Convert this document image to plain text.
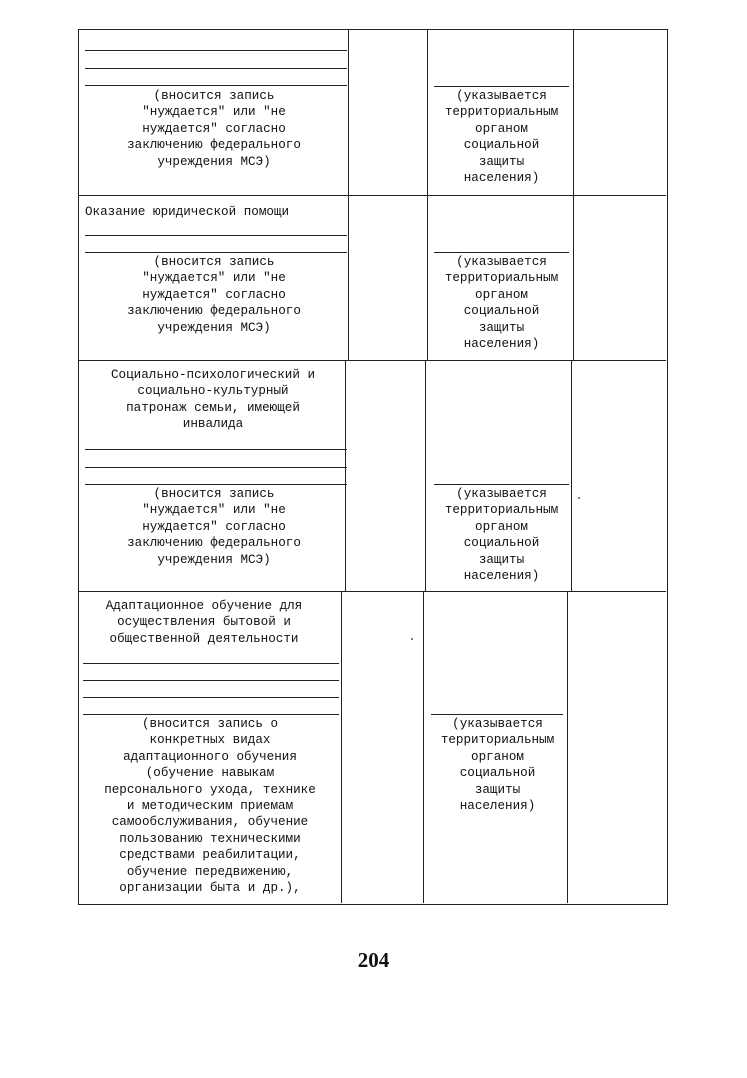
(вносится запись
"нуждается" или "не
нуждается" согласно
заключению федерального
учреждения МСЭ)
(указывается
территориальным
органом
социальной
защиты
населения)
Оказание юридической помощи
(вносится запись
"нуждается" или "не
нуждается" согласно
заключению федерального
учреждения МСЭ)
(указывается
территориальным
органом
социальной
защиты
населения)
Социально-психологический и
социально-культурный
патронаж семьи, имеющей
инвалида
(вносится запись
"нуждается" или "не
нуждается" согласно
заключению федерального
учреждения МСЭ)
(указывается
территориальным
органом
социальной
защиты
населения)
Адаптационное обучение для
осуществления бытовой и
общественной деятельности
(вносится запись о
конкретных видах
адаптационного обучения
(обучение навыкам
персонального ухода, технике
и методическим приемам
самообслуживания, обучение
пользованию техническими
средствами реабилитации,
обучение передвижению,
организации быта и др.),
(указывается
территориальным
органом
социальной
защиты
населения)
204
